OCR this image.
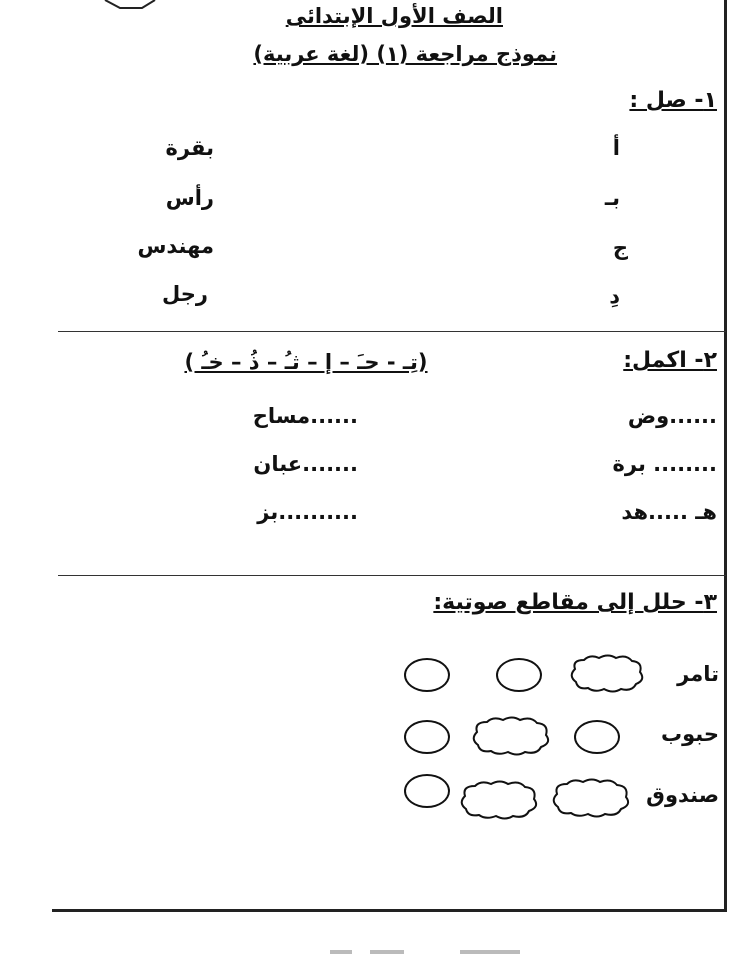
الصف الأول الإبتدائى
نموذج مراجعة (١) (لغة عربية)
١- صل :
أ
بـ
ج
دِ
بقرة
رأس
مهندس
رجل
٢- اكمل:
(تِـ - حـَ – إ – ثـُ – ذُ – خـُ )
......وض
........ برة
هـ .....هد
......مساح
.......عبان
..........بز
٣- حلل إلى مقاطع صوتية:
تامر
حبوب
صندوق
